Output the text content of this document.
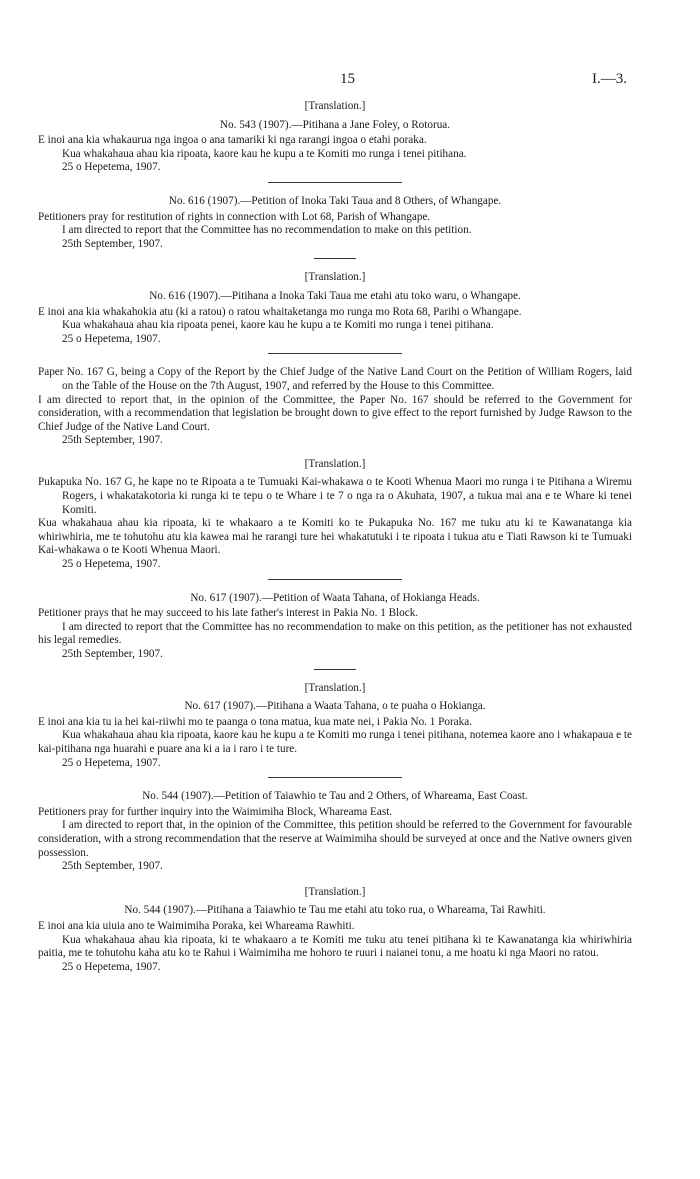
15	I.—3.

[Translation.]

No. 543 (1907).—Pitihana a Jane Foley, o Rotorua.

E inoi ana kia whakaurua nga ingoa o ana tamariki ki nga rarangi ingoa o etahi poraka.

Kua whakahaua ahau kia ripoata, kaore kau he kupu a te Komiti mo runga i tenei pitihana.

25 o Hepetema, 1907.

No. 616 (1907).—Petition of Inoka Taki Taua and 8 Others, of Whangape.

Petitioners pray for restitution of rights in connection with Lot 68, Parish of Whangape.

I am directed to report that the Committee has no recommendation to make on this petition.

25th September, 1907.

[Translation.]

No. 616 (1907).—Pitihana a Inoka Taki Taua me etahi atu toko waru, o Whangape.

E inoi ana kia whakahokia atu (ki a ratou) o ratou whaitaketanga mo runga mo Rota 68, Parihi o Whangape.

Kua whakahaua ahau kia ripoata penei, kaore kau he kupu a te Komiti mo runga i tenei pitihana.

25 o Hepetema, 1907.

Paper No. 167 G, being a Copy of the Report by the Chief Judge of the Native Land Court on the Petition of William Rogers, laid on the Table of the House on the 7th August, 1907, and referred by the House to this Committee.

I am directed to report that, in the opinion of the Committee, the Paper No. 167 should be referred to the Government for consideration, with a recommendation that legislation be brought down to give effect to the report furnished by Judge Rawson to the Chief Judge of the Native Land Court.

25th September, 1907.

[Translation.]

Pukapuka No. 167 G, he kape no te Ripoata a te Tumuaki Kai-whakawa o te Kooti Whenua Maori mo runga i te Pitihana a Wiremu Rogers, i whakatakotoria ki runga ki te tepu o te Whare i te 7 o nga ra o Akuhata, 1907, a tukua mai ana e te Whare ki tenei Komiti.

Kua whakahaua ahau kia ripoata, ki te whakaaro a te Komiti ko te Pukapuka No. 167 me tuku atu ki te Kawanatanga kia whiriwhiria, me te tohutohu atu kia kawea mai he rarangi ture hei whakatutuki i te ripoata i tukua atu e Tiati Rawson ki te Tumuaki Kai-whakawa o te Kooti Whenua Maori.

25 o Hepetema, 1907.

No. 617 (1907).—Petition of Waata Tahana, of Hokianga Heads.

Petitioner prays that he may succeed to his late father's interest in Pakia No. 1 Block.

I am directed to report that the Committee has no recommendation to make on this petition, as the petitioner has not exhausted his legal remedies.

25th September, 1907.

[Translation.]

No. 617 (1907).—Pitihana a Waata Tahana, o te puaha o Hokianga.

E inoi ana kia tu ia hei kai-riiwhi mo te paanga o tona matua, kua mate nei, i Pakia No. 1 Poraka.

Kua whakahaua ahau kia ripoata, kaore kau he kupu a te Komiti mo runga i tenei pitihana, notemea kaore ano i whakapaua e te kai-pitihana nga huarahi e puare ana ki a ia i raro i te ture.

25 o Hepetema, 1907.

No. 544 (1907).—Petition of Taiawhio te Tau and 2 Others, of Whareama, East Coast.

Petitioners pray for further inquiry into the Waimimiha Block, Whareama East.

I am directed to report that, in the opinion of the Committee, this petition should be referred to the Government for favourable consideration, with a strong recommendation that the reserve at Waimimiha should be surveyed at once and the Native owners given possession.

25th September, 1907.

[Translation.]

No. 544 (1907).—Pitihana a Taiawhio te Tau me etahi atu toko rua, o Whareama, Tai Rawhiti.

E inoi ana kia uiuia ano te Waimimiha Poraka, kei Whareama Rawhiti.

Kua whakahaua ahau kia ripoata, ki te whakaaro a te Komiti me tuku atu tenei pitihana ki te Kawanatanga kia whiriwhiria paitia, me te tohutohu kaha atu ko te Rahui i Waimimiha me hohoro te ruuri i naianei tonu, a me hoatu ki nga Maori no ratou.

25 o Hepetema, 1907.
